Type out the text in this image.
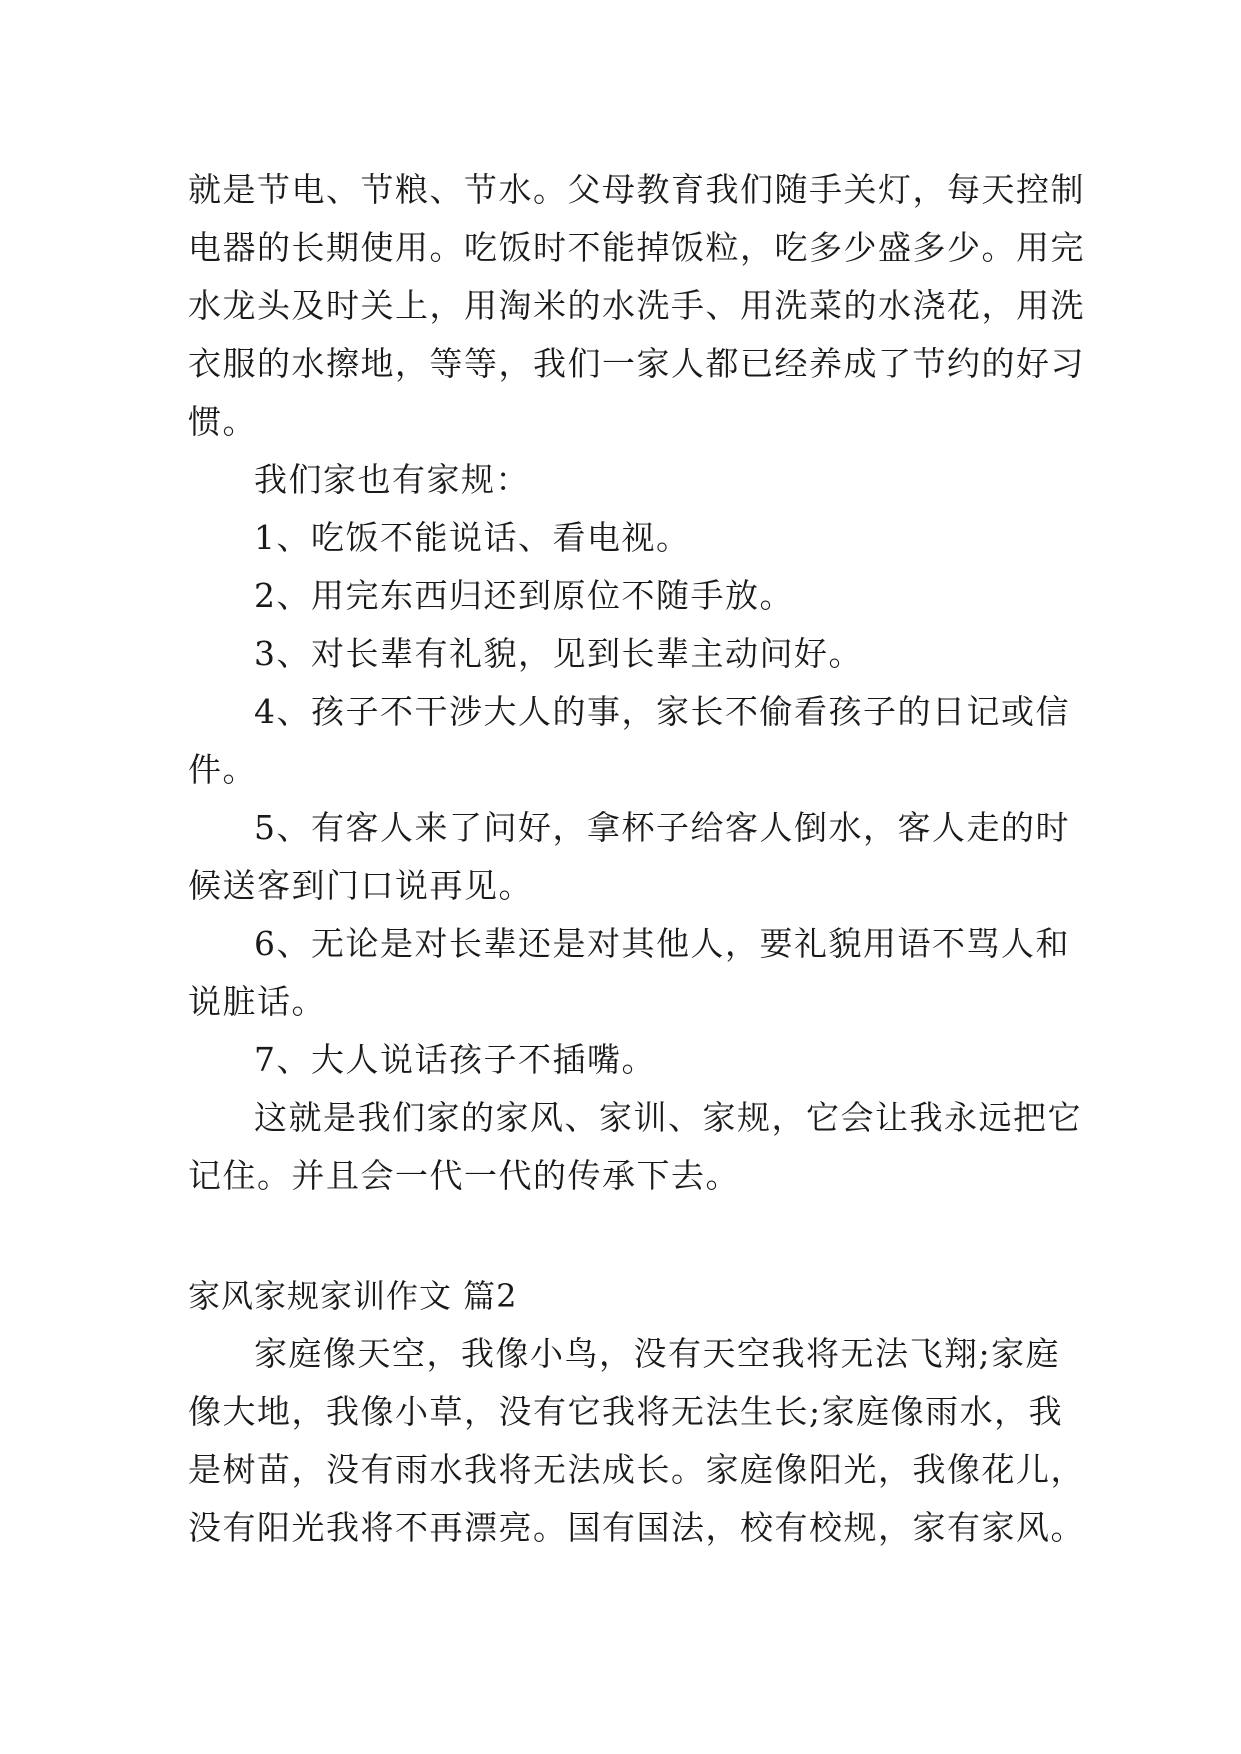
就是节电、节粮、节水。父母教育我们随手关灯，每天控制电器的长期使用。吃饭时不能掉饭粒，吃多少盛多少。用完水龙头及时关上，用淘米的水洗手、用洗菜的水浇花，用洗衣服的水擦地，等等，我们一家人都已经养成了节约的好习惯。

我们家也有家规：

1、吃饭不能说话、看电视。

2、用完东西归还到原位不随手放。

3、对长辈有礼貌，见到长辈主动问好。

4、孩子不干涉大人的事，家长不偷看孩子的日记或信件。

5、有客人来了问好，拿杯子给客人倒水，客人走的时候送客到门口说再见。

6、无论是对长辈还是对其他人，要礼貌用语不骂人和说脏话。

7、大人说话孩子不插嘴。

这就是我们家的家风、家训、家规，它会让我永远把它记住。并且会一代一代的传承下去。

家风家规家训作文 篇2

家庭像天空，我像小鸟，没有天空我将无法飞翔;家庭像大地，我像小草，没有它我将无法生长;家庭像雨水，我是树苗，没有雨水我将无法成长。家庭像阳光，我像花儿，没有阳光我将不再漂亮。国有国法，校有校规，家有家风。
